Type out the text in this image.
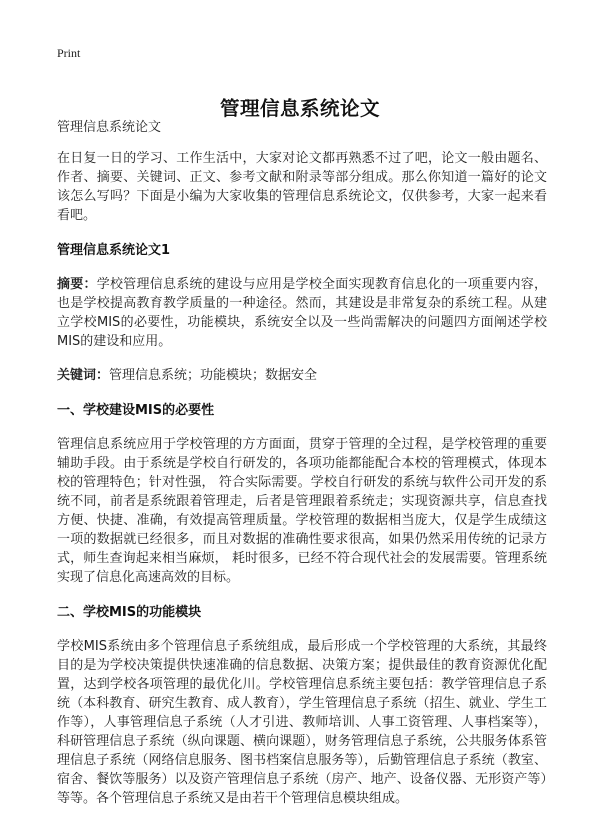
Print
管理信息系统论文

管理信息系统论文

在日复一日的学习、工作生活中，大家对论文都再熟悉不过了吧，论文一般由题名、作者、摘要、关键词、正文、参考文献和附录等部分组成。那么你知道一篇好的论文该怎么写吗？下面是小编为大家收集的管理信息系统论文，仅供参考，大家一起来看看吧。

管理信息系统论文1

摘要：学校管理信息系统的建设与应用是学校全面实现教育信息化的一项重要内容，也是学校提高教育教学质量的一种途径。然而，其建设是非常复杂的系统工程。从建立学校MIS的必要性，功能模块，系统安全以及一些尚需解决的问题四方面阐述学校MIS的建设和应用。

关键词：管理信息系统；功能模块；数据安全

一、学校建设MIS的必要性

管理信息系统应用于学校管理的方方面面，贯穿于管理的全过程，是学校管理的重要辅助手段。由于系统是学校自行研发的，各项功能都能配合本校的管理模式，体现本校的管理特色；针对性强， 符合实际需要。学校自行研发的系统与软件公司开发的系统不同，前者是系统跟着管理走，后者是管理跟着系统走；实现资源共享，信息查找方便、快捷、准确，有效提高管理质量。学校管理的数据相当庞大，仅是学生成绩这一项的数据就已经很多，而且对数据的准确性要求很高，如果仍然采用传统的记录方式，师生查询起来相当麻烦， 耗时很多，已经不符合现代社会的发展需要。管理系统实现了信息化高速高效的目标。

二、学校MIS的功能模块

学校MIS系统由多个管理信息子系统组成，最后形成一个学校管理的大系统，其最终目的是为学校决策提供快速准确的信息数据、决策方案；提供最佳的教育资源优化配置，达到学校各项管理的最优化川。学校管理信息系统主要包括：教学管理信息子系统（本科教育、研究生教育、成人教育），学生管理信息子系统（招生、就业、学生工作等），人事管理信息子系统（人才引进、教师培训、人事工资管理、人事档案等），科研管理信息子系统（纵向课题、横向课题），财务管理信息子系统，公共服务体系管理信息子系统（网络信息服务、图书档案信息服务等），后勤管理信息子系统（教室、宿舍、餐饮等服务）以及资产管理信息子系统（房产、地产、设备仪器、无形资产等）等等。各个管理信息子系统又是由若干个管理信息模块组成。
